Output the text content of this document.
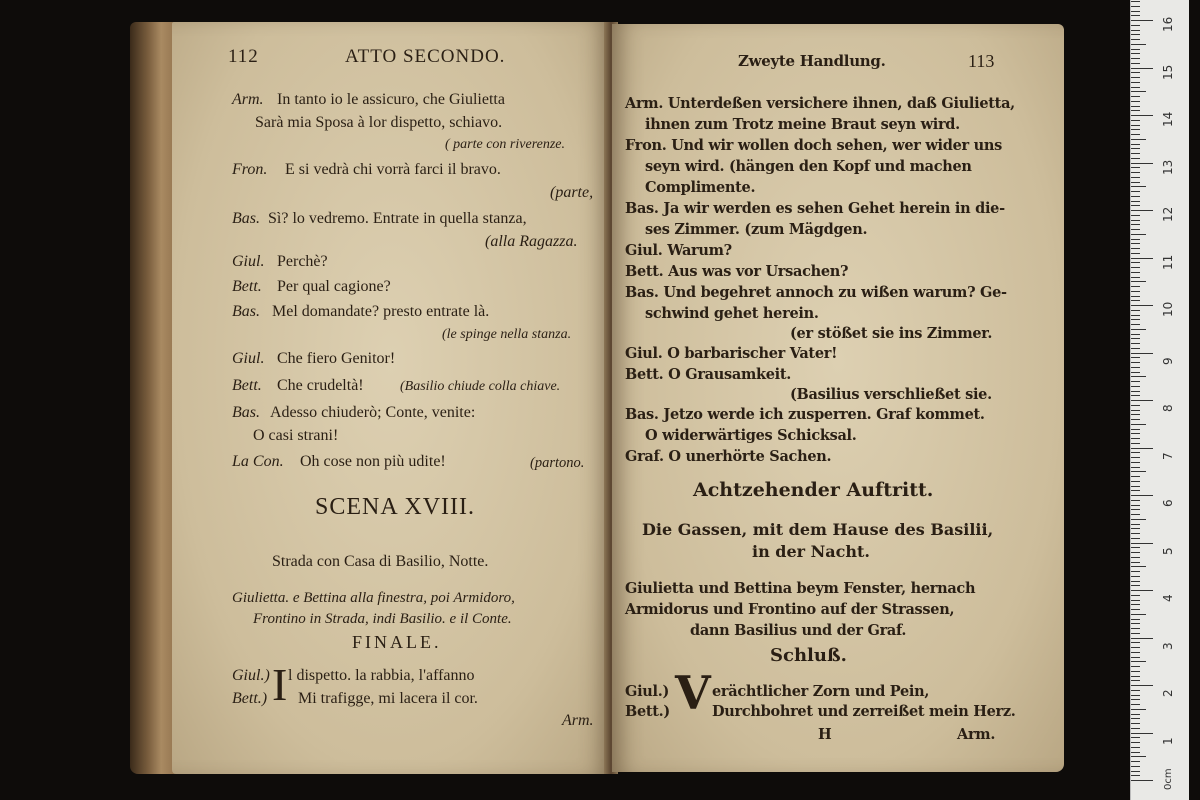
112	ATTO SECONDO.
Arm. In tanto io le assicuro, che Giulietta
Sarà mia Sposa à lor dispetto, schiavo.
( parte con riverenze.
Fron. E si vedrà chi vorrà farci il bravo.
(parte,
Bas. Sì? lo vedremo. Entrate in quella stanza,
(alla Ragazza.
Giul. Perchè?
Bett. Per qual cagione?
Bas. Mel domandate? presto entrate là.
(le spinge nella stanza.
Giul. Che fiero Genitor!
Bett. Che crudeltà!	(Basilio chiude colla chiave.
Bas. Adesso chiuderò; Conte, venite:
O casi strani!
La Con. Oh cose non più udite!	(partono.
SCENA XVIII.
Strada con Casa di Basilio, Notte.
Giulietta. e Bettina alla finestra, poi Armidoro,
Frontino in Strada, indi Basilio. e il Conte.
FINALE.
Giul.)
Bett.) I l dispetto. la rabbia, l'affanno
Mi trafigge, mi lacera il cor.
Arm.
Zweyte Handlung.	113
Arm. Unterdeßen versichere ihnen, daß Giulietta,
ihnen zum Trotz meine Braut seyn wird.
Fron. Und wir wollen doch sehen, wer wider uns
seyn wird. (hängen den Kopf und machen
Complimente.
Bas. Ja wir werden es sehen Gehet herein in die-
ses Zimmer. (zum Mägdgen.
Giul. Warum?
Bett. Aus was vor Ursachen?
Bas. Und begehret annoch zu wißen warum? Ge-
schwind gehet herein.
(er stößet sie ins Zimmer.
Giul. O barbarischer Vater!
Bett. O Grausamkeit.
(Basilius verschließet sie.
Bas. Jetzo werde ich zusperren. Graf kommet.
O widerwärtiges Schicksal.
Graf. O unerhörte Sachen.
Achtzehender Auftritt.
Die Gassen, mit dem Hause des Basilii,
in der Nacht.
Giulietta und Bettina beym Fenster, hernach
Armidorus und Frontino auf der Strassen,
dann Basilius und der Graf.
Schluß.
Giul.)
Bett.) V erächtlicher Zorn und Pein,
Durchbohret und zerreißet mein Herz.
H	Arm.
16
15
14
13
12
11
10
9
8
7
6
5
4
3
2
1
0cm
